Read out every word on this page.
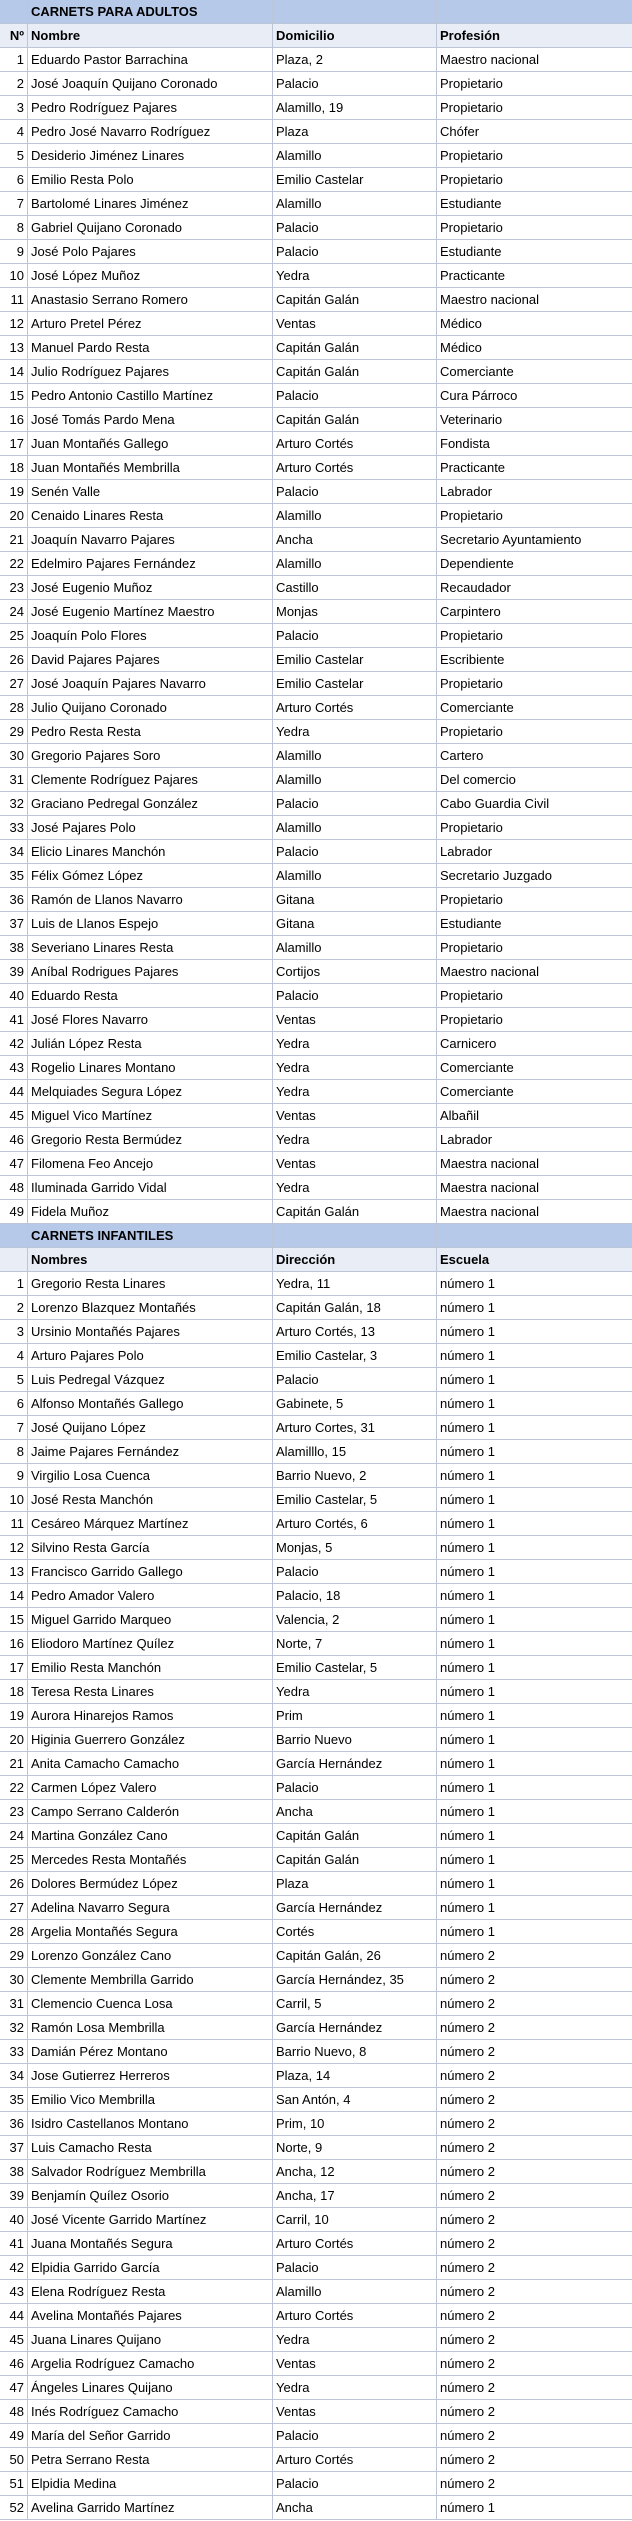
CARNETS PARA ADULTOS
Nº Nombre	Domicilio	Profesión
1 Eduardo Pastor Barrachina	Plaza, 2	Maestro nacional
2 José Joaquín Quijano Coronado	Palacio	Propietario
3 Pedro Rodríguez Pajares	Alamillo, 19	Propietario
4 Pedro José Navarro Rodríguez	Plaza	Chófer
5 Desiderio Jiménez Linares	Alamillo	Propietario
6 Emilio Resta Polo	Emilio Castelar	Propietario
7 Bartolomé Linares Jiménez	Alamillo	Estudiante
8 Gabriel Quijano Coronado	Palacio	Propietario
9 José Polo Pajares	Palacio	Estudiante
10 José López Muñoz	Yedra	Practicante
11 Anastasio Serrano Romero	Capitán Galán	Maestro nacional
12 Arturo Pretel Pérez	Ventas	Médico
13 Manuel Pardo Resta	Capitán Galán	Médico
14 Julio Rodríguez Pajares	Capitán Galán	Comerciante
15 Pedro Antonio Castillo Martínez	Palacio	Cura Párroco
16 José Tomás Pardo Mena	Capitán Galán	Veterinario
17 Juan Montañés Gallego	Arturo Cortés	Fondista
18 Juan Montañés Membrilla	Arturo Cortés	Practicante
19 Senén Valle	Palacio	Labrador
20 Cenaido Linares Resta	Alamillo	Propietario
21 Joaquín Navarro Pajares	Ancha	Secretario Ayuntamiento
22 Edelmiro Pajares Fernández	Alamillo	Dependiente
23 José Eugenio Muñoz	Castillo	Recaudador
24 José Eugenio Martínez Maestro	Monjas	Carpintero
25 Joaquín Polo Flores	Palacio	Propietario
26 David Pajares Pajares	Emilio Castelar	Escribiente
27 José Joaquín Pajares Navarro	Emilio Castelar	Propietario
28 Julio Quijano Coronado	Arturo Cortés	Comerciante
29 Pedro Resta Resta	Yedra	Propietario
30 Gregorio Pajares Soro	Alamillo	Cartero
31 Clemente Rodríguez Pajares	Alamillo	Del comercio
32 Graciano Pedregal González	Palacio	Cabo Guardia Civil
33 José Pajares Polo	Alamillo	Propietario
34 Elicio Linares Manchón	Palacio	Labrador
35 Félix Gómez López	Alamillo	Secretario Juzgado
36 Ramón de Llanos Navarro	Gitana	Propietario
37 Luis de Llanos Espejo	Gitana	Estudiante
38 Severiano Linares Resta	Alamillo	Propietario
39 Aníbal Rodrigues Pajares	Cortijos	Maestro nacional
40 Eduardo Resta	Palacio	Propietario
41 José Flores Navarro	Ventas	Propietario
42 Julián López Resta	Yedra	Carnicero
43 Rogelio Linares Montano	Yedra	Comerciante
44 Melquiades Segura López	Yedra	Comerciante
45 Miguel Vico Martínez	Ventas	Albañil
46 Gregorio Resta Bermúdez	Yedra	Labrador
47 Filomena Feo Ancejo	Ventas	Maestra nacional
48 Iluminada Garrido Vidal	Yedra	Maestra nacional
49 Fidela Muñoz	Capitán Galán	Maestra nacional
CARNETS INFANTILES
Nombres	Dirección	Escuela
1 Gregorio Resta Linares	Yedra, 11	número 1
2 Lorenzo Blazquez Montañés	Capitán Galán, 18	número 1
3 Ursinio Montañés Pajares	Arturo Cortés, 13	número 1
4 Arturo Pajares Polo	Emilio Castelar, 3	número 1
5 Luis Pedregal Vázquez	Palacio	número 1
6 Alfonso Montañés Gallego	Gabinete, 5	número 1
7 José Quijano López	Arturo Cortes, 31	número 1
8 Jaime Pajares Fernández	Alamilllo, 15	número 1
9 Virgilio Losa Cuenca	Barrio Nuevo, 2	número 1
10 José Resta Manchón	Emilio Castelar, 5	número 1
11 Cesáreo Márquez Martínez	Arturo Cortés, 6	número 1
12 Silvino Resta García	Monjas, 5	número 1
13 Francisco Garrido Gallego	Palacio	número 1
14 Pedro Amador Valero	Palacio, 18	número 1
15 Miguel Garrido Marqueo	Valencia, 2	número 1
16 Eliodoro Martínez Quílez	Norte, 7	número 1
17 Emilio Resta Manchón	Emilio Castelar, 5	número 1
18 Teresa Resta Linares	Yedra	número 1
19 Aurora Hinarejos Ramos	Prim	número 1
20 Higinia Guerrero González	Barrio Nuevo	número 1
21 Anita Camacho Camacho	García Hernández	número 1
22 Carmen López Valero	Palacio	número 1
23 Campo Serrano Calderón	Ancha	número 1
24 Martina González Cano	Capitán Galán	número 1
25 Mercedes Resta Montañés	Capitán Galán	número 1
26 Dolores Bermúdez López	Plaza	número 1
27 Adelina Navarro Segura	García Hernández	número 1
28 Argelia Montañés Segura	Cortés	número 1
29 Lorenzo González Cano	Capitán Galán, 26	número 2
30 Clemente Membrilla Garrido	García Hernández, 35	número 2
31 Clemencio Cuenca Losa	Carril, 5	número 2
32 Ramón Losa Membrilla	García Hernández	número 2
33 Damián Pérez Montano	Barrio Nuevo, 8	número 2
34 Jose Gutierrez Herreros	Plaza, 14	número 2
35 Emilio Vico Membrilla	San Antón, 4	número 2
36 Isidro Castellanos Montano	Prim, 10	número 2
37 Luis Camacho Resta	Norte, 9	número 2
38 Salvador Rodríguez Membrilla	Ancha, 12	número 2
39 Benjamín Quílez Osorio	Ancha, 17	número 2
40 José Vicente Garrido Martínez	Carril, 10	número 2
41 Juana Montañés Segura	Arturo Cortés	número 2
42 Elpidia Garrido García	Palacio	número 2
43 Elena Rodríguez Resta	Alamillo	número 2
44 Avelina Montañés Pajares	Arturo Cortés	número 2
45 Juana Linares Quijano	Yedra	número 2
46 Argelia Rodríguez Camacho	Ventas	número 2
47 Ángeles Linares Quijano	Yedra	número 2
48 Inés Rodríguez Camacho	Ventas	número 2
49 María del Señor Garrido	Palacio	número 2
50 Petra Serrano Resta	Arturo Cortés	número 2
51 Elpidia Medina	Palacio	número 2
52 Avelina Garrido Martínez	Ancha	número 1
